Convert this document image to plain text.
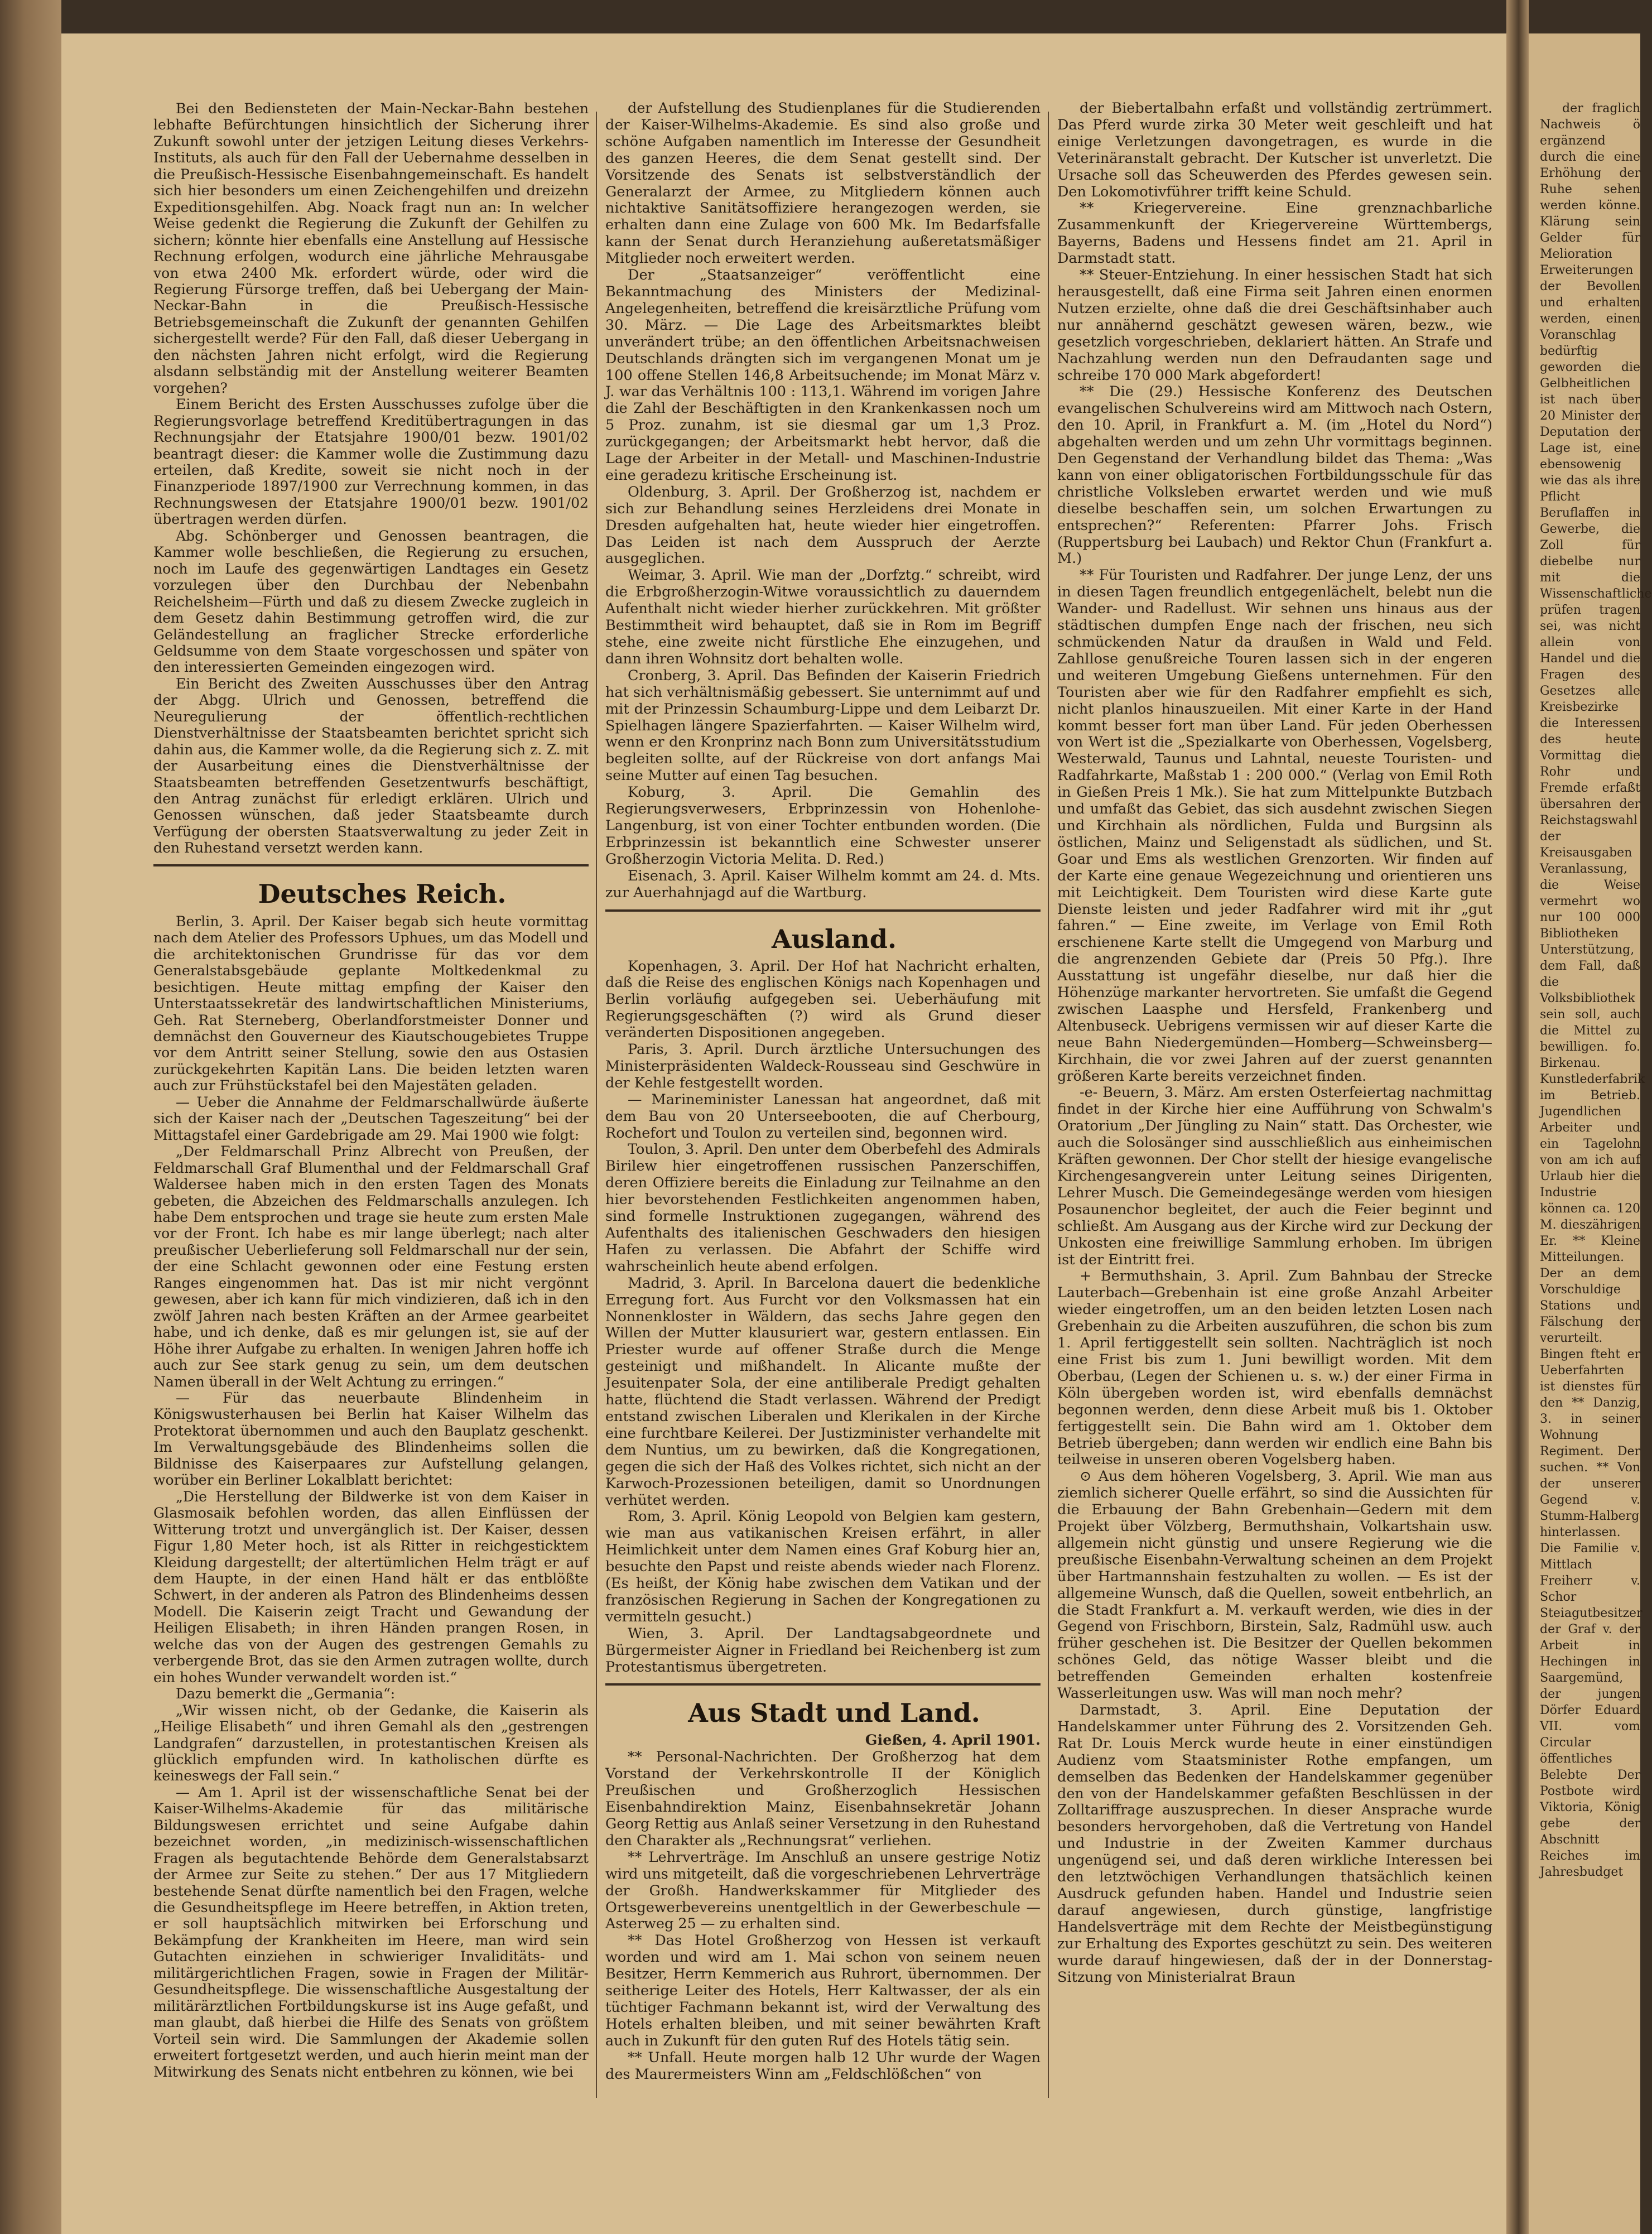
Bei den Bediensteten der Main-Neckar-Bahn bestehen lebhafte Befürchtungen hinsichtlich der Sicherung ihrer Zukunft sowohl unter der jetzigen Leitung dieses Verkehrs-Instituts, als auch für den Fall der Uebernahme desselben in die Preußisch-Hessische Eisenbahngemeinschaft. Es handelt sich hier besonders um einen Zeichengehilfen und dreizehn Expeditionsgehilfen. Abg. Noack fragt nun an: In welcher Weise gedenkt die Regierung die Zukunft der Gehilfen zu sichern; könnte hier ebenfalls eine Anstellung auf Hessische Rechnung erfolgen, wodurch eine jährliche Mehrausgabe von etwa 2400 Mk. erfordert würde, oder wird die Regierung Fürsorge treffen, daß bei Uebergang der Main-Neckar-Bahn in die Preußisch-Hessische Betriebsgemeinschaft die Zukunft der genannten Gehilfen sichergestellt werde? Für den Fall, daß dieser Uebergang in den nächsten Jahren nicht erfolgt, wird die Regierung alsdann selbständig mit der Anstellung weiterer Beamten vorgehen?

Einem Bericht des Ersten Ausschusses zufolge über die Regierungsvorlage betreffend Kreditübertragungen in das Rechnungsjahr der Etatsjahre 1900/01 bezw. 1901/02 beantragt dieser: die Kammer wolle die Zustimmung dazu erteilen, daß Kredite, soweit sie nicht noch in der Finanzperiode 1897/1900 zur Verrechnung kommen, in das Rechnungswesen der Etatsjahre 1900/01 bezw. 1901/02 übertragen werden dürfen.

Abg. Schönberger und Genossen beantragen, die Kammer wolle beschließen, die Regierung zu ersuchen, noch im Laufe des gegenwärtigen Landtages ein Gesetz vorzulegen über den Durchbau der Nebenbahn Reichelsheim—Fürth und daß zu diesem Zwecke zugleich in dem Gesetz dahin Bestimmung getroffen wird, die zur Geländestellung an fraglicher Strecke erforderliche Geldsumme von dem Staate vorgeschossen und später von den interessierten Gemeinden eingezogen wird.

Ein Bericht des Zweiten Ausschusses über den Antrag der Abgg. Ulrich und Genossen, betreffend die Neuregulierung der öffentlich-rechtlichen Dienstverhältnisse der Staatsbeamten berichtet spricht sich dahin aus, die Kammer wolle, da die Regierung sich z. Z. mit der Ausarbeitung eines die Dienstverhältnisse der Staatsbeamten betreffenden Gesetzentwurfs beschäftigt, den Antrag zunächst für erledigt erklären. Ulrich und Genossen wünschen, daß jeder Staatsbeamte durch Verfügung der obersten Staatsverwaltung zu jeder Zeit in den Ruhestand versetzt werden kann.

Deutsches Reich.

Berlin, 3. April. Der Kaiser begab sich heute vormittag nach dem Atelier des Professors Uphues, um das Modell und die architektonischen Grundrisse für das vor dem Generalstabsgebäude geplante Moltkedenkmal zu besichtigen. Heute mittag empfing der Kaiser den Unterstaatssekretär des landwirtschaftlichen Ministeriums, Geh. Rat Sterneberg, Oberlandforstmeister Donner und demnächst den Gouverneur des Kiautschougebietes Truppe vor dem Antritt seiner Stellung, sowie den aus Ostasien zurückgekehrten Kapitän Lans. Die beiden letzten waren auch zur Frühstückstafel bei den Majestäten geladen.

— Ueber die Annahme der Feldmarschallwürde äußerte sich der Kaiser nach der „Deutschen Tageszeitung“ bei der Mittagstafel einer Gardebrigade am 29. Mai 1900 wie folgt:

„Der Feldmarschall Prinz Albrecht von Preußen, der Feldmarschall Graf Blumenthal und der Feldmarschall Graf Waldersee haben mich in den ersten Tagen des Monats gebeten, die Abzeichen des Feldmarschalls anzulegen. Ich habe Dem entsprochen und trage sie heute zum ersten Male vor der Front. Ich habe es mir lange überlegt; nach alter preußischer Ueberlieferung soll Feldmarschall nur der sein, der eine Schlacht gewonnen oder eine Festung ersten Ranges eingenommen hat. Das ist mir nicht vergönnt gewesen, aber ich kann für mich vindizieren, daß ich in den zwölf Jahren nach besten Kräften an der Armee gearbeitet habe, und ich denke, daß es mir gelungen ist, sie auf der Höhe ihrer Aufgabe zu erhalten. In wenigen Jahren hoffe ich auch zur See stark genug zu sein, um dem deutschen Namen überall in der Welt Achtung zu erringen.“

— Für das neuerbaute Blindenheim in Königswusterhausen bei Berlin hat Kaiser Wilhelm das Protektorat übernommen und auch den Bauplatz geschenkt. Im Verwaltungsgebäude des Blindenheims sollen die Bildnisse des Kaiserpaares zur Aufstellung gelangen, worüber ein Berliner Lokalblatt berichtet:

„Die Herstellung der Bildwerke ist von dem Kaiser in Glasmosaik befohlen worden, das allen Einflüssen der Witterung trotzt und unvergänglich ist. Der Kaiser, dessen Figur 1,80 Meter hoch, ist als Ritter in reichgesticktem Kleidung dargestellt; der altertümlichen Helm trägt er auf dem Haupte, in der einen Hand hält er das entblößte Schwert, in der anderen als Patron des Blindenheims dessen Modell. Die Kaiserin zeigt Tracht und Gewandung der Heiligen Elisabeth; in ihren Händen prangen Rosen, in welche das von der Augen des gestrengen Gemahls zu verbergende Brot, das sie den Armen zutragen wollte, durch ein hohes Wunder verwandelt worden ist.“

Dazu bemerkt die „Germania“:

„Wir wissen nicht, ob der Gedanke, die Kaiserin als „Heilige Elisabeth“ und ihren Gemahl als den „gestrengen Landgrafen“ darzustellen, in protestantischen Kreisen als glücklich empfunden wird. In katholischen dürfte es keineswegs der Fall sein.“

— Am 1. April ist der wissenschaftliche Senat bei der Kaiser-Wilhelms-Akademie für das militärische Bildungswesen errichtet und seine Aufgabe dahin bezeichnet worden, „in medizinisch-wissenschaftlichen Fragen als begutachtende Behörde dem Generalstabsarzt der Armee zur Seite zu stehen.“ Der aus 17 Mitgliedern bestehende Senat dürfte namentlich bei den Fragen, welche die Gesundheitspflege im Heere betreffen, in Aktion treten, er soll hauptsächlich mitwirken bei Erforschung und Bekämpfung der Krankheiten im Heere, man wird sein Gutachten einziehen in schwieriger Invaliditäts- und militärgerichtlichen Fragen, sowie in Fragen der Militär-Gesundheitspflege. Die wissenschaftliche Ausgestaltung der militärärztlichen Fortbildungskurse ist ins Auge gefaßt, und man glaubt, daß hierbei die Hilfe des Senats von größtem Vorteil sein wird. Die Sammlungen der Akademie sollen erweitert fortgesetzt werden, und auch hierin meint man der Mitwirkung des Senats nicht entbehren zu können, wie bei

der Aufstellung des Studienplanes für die Studierenden der Kaiser-Wilhelms-Akademie. Es sind also große und schöne Aufgaben namentlich im Interesse der Gesundheit des ganzen Heeres, die dem Senat gestellt sind. Der Vorsitzende des Senats ist selbstverständlich der Generalarzt der Armee, zu Mitgliedern können auch nichtaktive Sanitätsoffiziere herangezogen werden, sie erhalten dann eine Zulage von 600 Mk. Im Bedarfsfalle kann der Senat durch Heranziehung außeretatsmäßiger Mitglieder noch erweitert werden.

Der „Staatsanzeiger“ veröffentlicht eine Bekanntmachung des Ministers der Medizinal-Angelegenheiten, betreffend die kreisärztliche Prüfung vom 30. März. — Die Lage des Arbeitsmarktes bleibt unverändert trübe; an den öffentlichen Arbeitsnachweisen Deutschlands drängten sich im vergangenen Monat um je 100 offene Stellen 146,8 Arbeitsuchende; im Monat März v. J. war das Verhältnis 100 : 113,1. Während im vorigen Jahre die Zahl der Beschäftigten in den Krankenkassen noch um 5 Proz. zunahm, ist sie diesmal gar um 1,3 Proz. zurückgegangen; der Arbeitsmarkt hebt hervor, daß die Lage der Arbeiter in der Metall- und Maschinen-Industrie eine geradezu kritische Erscheinung ist.

Oldenburg, 3. April. Der Großherzog ist, nachdem er sich zur Behandlung seines Herzleidens drei Monate in Dresden aufgehalten hat, heute wieder hier eingetroffen. Das Leiden ist nach dem Ausspruch der Aerzte ausgeglichen.

Weimar, 3. April. Wie man der „Dorfztg.“ schreibt, wird die Erbgroßherzogin-Witwe voraussichtlich zu dauerndem Aufenthalt nicht wieder hierher zurückkehren. Mit größter Bestimmtheit wird behauptet, daß sie in Rom im Begriff stehe, eine zweite nicht fürstliche Ehe einzugehen, und dann ihren Wohnsitz dort behalten wolle.

Cronberg, 3. April. Das Befinden der Kaiserin Friedrich hat sich verhältnismäßig gebessert. Sie unternimmt auf und mit der Prinzessin Schaumburg-Lippe und dem Leibarzt Dr. Spielhagen längere Spazierfahrten. — Kaiser Wilhelm wird, wenn er den Kronprinz nach Bonn zum Universitätsstudium begleiten sollte, auf der Rückreise von dort anfangs Mai seine Mutter auf einen Tag besuchen.

Koburg, 3. April. Die Gemahlin des Regierungsverwesers, Erbprinzessin von Hohenlohe-Langenburg, ist von einer Tochter entbunden worden. (Die Erbprinzessin ist bekanntlich eine Schwester unserer Großherzogin Victoria Melita. D. Red.)

Eisenach, 3. April. Kaiser Wilhelm kommt am 24. d. Mts. zur Auerhahnjagd auf die Wartburg.

Ausland.

Kopenhagen, 3. April. Der Hof hat Nachricht erhalten, daß die Reise des englischen Königs nach Kopenhagen und Berlin vorläufig aufgegeben sei. Ueberhäufung mit Regierungsgeschäften (?) wird als Grund dieser veränderten Dispositionen angegeben.

Paris, 3. April. Durch ärztliche Untersuchungen des Ministerpräsidenten Waldeck-Rousseau sind Geschwüre in der Kehle festgestellt worden.

— Marineminister Lanessan hat angeordnet, daß mit dem Bau von 20 Unterseebooten, die auf Cherbourg, Rochefort und Toulon zu verteilen sind, begonnen wird.

Toulon, 3. April. Den unter dem Oberbefehl des Admirals Birilew hier eingetroffenen russischen Panzerschiffen, deren Offiziere bereits die Einladung zur Teilnahme an den hier bevorstehenden Festlichkeiten angenommen haben, sind formelle Instruktionen zugegangen, während des Aufenthalts des italienischen Geschwaders den hiesigen Hafen zu verlassen. Die Abfahrt der Schiffe wird wahrscheinlich heute abend erfolgen.

Madrid, 3. April. In Barcelona dauert die bedenkliche Erregung fort. Aus Furcht vor den Volksmassen hat ein Nonnenkloster in Wäldern, das sechs Jahre gegen den Willen der Mutter klausuriert war, gestern entlassen. Ein Priester wurde auf offener Straße durch die Menge gesteinigt und mißhandelt. In Alicante mußte der Jesuitenpater Sola, der eine antiliberale Predigt gehalten hatte, flüchtend die Stadt verlassen. Während der Predigt entstand zwischen Liberalen und Klerikalen in der Kirche eine furchtbare Keilerei. Der Justizminister verhandelte mit dem Nuntius, um zu bewirken, daß die Kongregationen, gegen die sich der Haß des Volkes richtet, sich nicht an der Karwoch-Prozessionen beteiligen, damit so Unordnungen verhütet werden.

Rom, 3. April. König Leopold von Belgien kam gestern, wie man aus vatikanischen Kreisen erfährt, in aller Heimlichkeit unter dem Namen eines Graf Koburg hier an, besuchte den Papst und reiste abends wieder nach Florenz. (Es heißt, der König habe zwischen dem Vatikan und der französischen Regierung in Sachen der Kongregationen zu vermitteln gesucht.)

Wien, 3. April. Der Landtagsabgeordnete und Bürgermeister Aigner in Friedland bei Reichenberg ist zum Protestantismus übergetreten.

Aus Stadt und Land.

Gießen, 4. April 1901.

** Personal-Nachrichten. Der Großherzog hat dem Vorstand der Verkehrskontrolle II der Königlich Preußischen und Großherzoglich Hessischen Eisenbahndirektion Mainz, Eisenbahnsekretär Johann Georg Rettig aus Anlaß seiner Versetzung in den Ruhestand den Charakter als „Rechnungsrat“ verliehen.

** Lehrverträge. Im Anschluß an unsere gestrige Notiz wird uns mitgeteilt, daß die vorgeschriebenen Lehrverträge der Großh. Handwerkskammer für Mitglieder des Ortsgewerbevereins unentgeltlich in der Gewerbeschule — Asterweg 25 — zu erhalten sind.

** Das Hotel Großherzog von Hessen ist verkauft worden und wird am 1. Mai schon von seinem neuen Besitzer, Herrn Kemmerich aus Ruhrort, übernommen. Der seitherige Leiter des Hotels, Herr Kaltwasser, der als ein tüchtiger Fachmann bekannt ist, wird der Verwaltung des Hotels erhalten bleiben, und mit seiner bewährten Kraft auch in Zukunft für den guten Ruf des Hotels tätig sein.

** Unfall. Heute morgen halb 12 Uhr wurde der Wagen des Maurermeisters Winn am „Feldschlößchen“ von

der Biebertalbahn erfaßt und vollständig zertrümmert. Das Pferd wurde zirka 30 Meter weit geschleift und hat einige Verletzungen davongetragen, es wurde in die Veterinäranstalt gebracht. Der Kutscher ist unverletzt. Die Ursache soll das Scheuwerden des Pferdes gewesen sein. Den Lokomotivführer trifft keine Schuld.

** Kriegervereine. Eine grenznachbarliche Zusammenkunft der Kriegervereine Württembergs, Bayerns, Badens und Hessens findet am 21. April in Darmstadt statt.

** Steuer-Entziehung. In einer hessischen Stadt hat sich herausgestellt, daß eine Firma seit Jahren einen enormen Nutzen erzielte, ohne daß die drei Geschäftsinhaber auch nur annähernd geschätzt gewesen wären, bezw., wie gesetzlich vorgeschrieben, deklariert hätten. An Strafe und Nachzahlung werden nun den Defraudanten sage und schreibe 170 000 Mark abgefordert!

** Die (29.) Hessische Konferenz des Deutschen evangelischen Schulvereins wird am Mittwoch nach Ostern, den 10. April, in Frankfurt a. M. (im „Hotel du Nord“) abgehalten werden und um zehn Uhr vormittags beginnen. Den Gegenstand der Verhandlung bildet das Thema: „Was kann von einer obligatorischen Fortbildungsschule für das christliche Volksleben erwartet werden und wie muß dieselbe beschaffen sein, um solchen Erwartungen zu entsprechen?“ Referenten: Pfarrer Johs. Frisch (Ruppertsburg bei Laubach) und Rektor Chun (Frankfurt a. M.)

** Für Touristen und Radfahrer. Der junge Lenz, der uns in diesen Tagen freundlich entgegenlächelt, belebt nun die Wander- und Radellust. Wir sehnen uns hinaus aus der städtischen dumpfen Enge nach der frischen, neu sich schmückenden Natur da draußen in Wald und Feld. Zahllose genußreiche Touren lassen sich in der engeren und weiteren Umgebung Gießens unternehmen. Für den Touristen aber wie für den Radfahrer empfiehlt es sich, nicht planlos hinauszueilen. Mit einer Karte in der Hand kommt besser fort man über Land. Für jeden Oberhessen von Wert ist die „Spezialkarte von Oberhessen, Vogelsberg, Westerwald, Taunus und Lahntal, neueste Touristen- und Radfahrkarte, Maßstab 1 : 200 000.“ (Verlag von Emil Roth in Gießen Preis 1 Mk.). Sie hat zum Mittelpunkte Butzbach und umfaßt das Gebiet, das sich ausdehnt zwischen Siegen und Kirchhain als nördlichen, Fulda und Burgsinn als östlichen, Mainz und Seligenstadt als südlichen, und St. Goar und Ems als westlichen Grenzorten. Wir finden auf der Karte eine genaue Wegezeichnung und orientieren uns mit Leichtigkeit. Dem Touristen wird diese Karte gute Dienste leisten und jeder Radfahrer wird mit ihr „gut fahren.“ — Eine zweite, im Verlage von Emil Roth erschienene Karte stellt die Umgegend von Marburg und die angrenzenden Gebiete dar (Preis 50 Pfg.). Ihre Ausstattung ist ungefähr dieselbe, nur daß hier die Höhenzüge markanter hervortreten. Sie umfaßt die Gegend zwischen Laasphe und Hersfeld, Frankenberg und Altenbuseck. Uebrigens vermissen wir auf dieser Karte die neue Bahn Niedergemünden—Homberg—Schweinsberg—Kirchhain, die vor zwei Jahren auf der zuerst genannten größeren Karte bereits verzeichnet finden.

-e- Beuern, 3. März. Am ersten Osterfeiertag nachmittag findet in der Kirche hier eine Aufführung von Schwalm's Oratorium „Der Jüngling zu Nain“ statt. Das Orchester, wie auch die Solosänger sind ausschließlich aus einheimischen Kräften gewonnen. Der Chor stellt der hiesige evangelische Kirchengesangverein unter Leitung seines Dirigenten, Lehrer Musch. Die Gemeindegesänge werden vom hiesigen Posaunenchor begleitet, der auch die Feier beginnt und schließt. Am Ausgang aus der Kirche wird zur Deckung der Unkosten eine freiwillige Sammlung erhoben. Im übrigen ist der Eintritt frei.

+ Bermuthshain, 3. April. Zum Bahnbau der Strecke Lauterbach—Grebenhain ist eine große Anzahl Arbeiter wieder eingetroffen, um an den beiden letzten Losen nach Grebenhain zu die Arbeiten auszuführen, die schon bis zum 1. April fertiggestellt sein sollten. Nachträglich ist noch eine Frist bis zum 1. Juni bewilligt worden. Mit dem Oberbau, (Legen der Schienen u. s. w.) der einer Firma in Köln übergeben worden ist, wird ebenfalls demnächst begonnen werden, denn diese Arbeit muß bis 1. Oktober fertiggestellt sein. Die Bahn wird am 1. Oktober dem Betrieb übergeben; dann werden wir endlich eine Bahn bis teilweise in unseren oberen Vogelsberg haben.

⊙ Aus dem höheren Vogelsberg, 3. April. Wie man aus ziemlich sicherer Quelle erfährt, so sind die Aussichten für die Erbauung der Bahn Grebenhain—Gedern mit dem Projekt über Völzberg, Bermuthshain, Volkartshain usw. allgemein nicht günstig und unsere Regierung wie die preußische Eisenbahn-Verwaltung scheinen an dem Projekt über Hartmannshain festzuhalten zu wollen. — Es ist der allgemeine Wunsch, daß die Quellen, soweit entbehrlich, an die Stadt Frankfurt a. M. verkauft werden, wie dies in der Gegend von Frischborn, Birstein, Salz, Radmühl usw. auch früher geschehen ist. Die Besitzer der Quellen bekommen schönes Geld, das nötige Wasser bleibt und die betreffenden Gemeinden erhalten kostenfreie Wasserleitungen usw. Was will man noch mehr?

Darmstadt, 3. April. Eine Deputation der Handelskammer unter Führung des 2. Vorsitzenden Geh. Rat Dr. Louis Merck wurde heute in einer einstündigen Audienz vom Staatsminister Rothe empfangen, um demselben das Bedenken der Handelskammer gegenüber den von der Handelskammer gefaßten Beschlüssen in der Zolltariffrage auszusprechen. In dieser Ansprache wurde besonders hervorgehoben, daß die Vertretung von Handel und Industrie in der Zweiten Kammer durchaus ungenügend sei, und daß deren wirkliche Interessen bei den letztwöchigen Verhandlungen thatsächlich keinen Ausdruck gefunden haben. Handel und Industrie seien darauf angewiesen, durch günstige, langfristige Handelsverträge mit dem Rechte der Meistbegünstigung zur Erhaltung des Exportes geschützt zu sein. Des weiteren wurde darauf hingewiesen, daß der in der Donnerstag-Sitzung von Ministerialrat Braun

der fraglich Nachweis ö ergänzend durch die eine Erhöhung der Ruhe sehen werden könne. Klärung sein Gelder für Melioration Erweiterungen der Bevollen und erhalten werden, einen Voranschlag bedürftig geworden die Gelbheitlichen ist nach über 20 Minister der Deputation der Lage ist, eine ebensowenig wie das als ihre Pflicht Beruflaffen in Gewerbe, die Zoll für diebelbe nur mit die Wissenschaftliche prüfen tragen sei, was nicht allein von Handel und die Fragen des Gesetzes alle Kreisbezirke die Interessen des heute Vormittag die Rohr und Fremde erfaßt übersahren der Reichstagswahl der Kreisausgaben Veranlassung, die Weise vermehrt wo nur 100 000 Bibliotheken Unterstützung, dem Fall, daß die Volksbibliothek sein soll, auch die Mittel zu bewilligen. fo. Birkenau. Kunstlederfabrik im Betrieb. Jugendlichen Arbeiter und ein Tagelohn von am ich auf Urlaub hier die Industrie können ca. 120 M. dieszährigen Er. ** Kleine Mitteilungen. Der an dem Vorschuldige Stations und Fälschung der verurteilt. Bingen fteht er Ueberfahrten ist dienstes für den ** Danzig, 3. in seiner Wohnung Regiment. Der suchen. ** Von der unserer Gegend v. Stumm-Halberg hinterlassen. Die Familie v. Mittlach Freiherr v. Schor Steiagutbesitzer der Graf v. der Arbeit in Hechingen in Saargemünd, der jungen Dörfer Eduard VII. vom Circular öffentliches Belebte Der Postbote wird Viktoria, König gebe der Abschnitt Reiches im Jahresbudget
